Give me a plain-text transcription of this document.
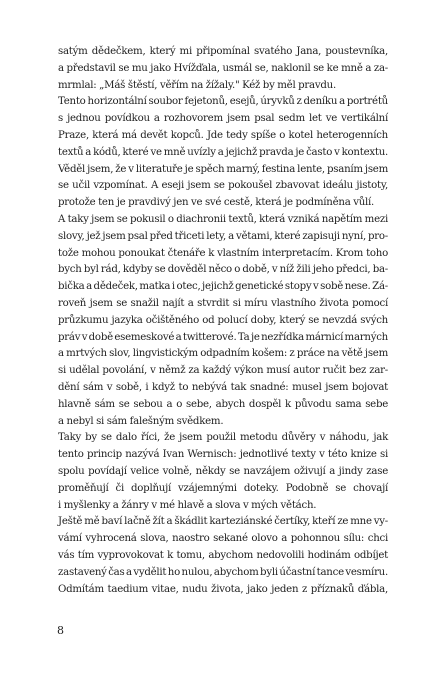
satým dědečkem, který mi připomínal svatého Jana, poustevníka,
a představil se mu jako Hvížďala, usmál se, naklonil se ke mně a za-
mrmlal: „Máš štěstí, věřím na žížaly." Kéž by měl pravdu.
Tento horizontální soubor fejetonů, esejů, úryvků z deníku a portrétů
s jednou povídkou a rozhovorem jsem psal sedm let ve vertikální
Praze, která má devět kopců. Jde tedy spíše o kotel heterogenních
textů a kódů, které ve mně uvízly a jejichž pravda je často v kontextu.
Věděl jsem, že v literatuře je spěch marný, festina lente, psaním jsem
se učil vzpomínat. A eseji jsem se pokoušel zbavovat ideálu jistoty,
protože ten je pravdivý jen ve své cestě, která je podmíněna vůlí.
A taky jsem se pokusil o diachronii textů, která vzniká napětím mezi
slovy, jež jsem psal před třiceti lety, a větami, které zapisuji nyní, pro-
tože mohou ponoukat čtenáře k vlastním interpretacím. Krom toho
bych byl rád, kdyby se dověděl něco o době, v níž žili jeho předci, ba-
bička a dědeček, matka i otec, jejichž genetické stopy v sobě nese. Zá-
roveň jsem se snažil najít a stvrdit si míru vlastního života pomocí
průzkumu jazyka očištěného od polucí doby, který se nevzdá svých
práv v době esemeskové a twitterové. Ta je nezřídka márnicí marných
a mrtvých slov, lingvistickým odpadním košem: z práce na větě jsem
si udělal povolání, v němž za každý výkon musí autor ručit bez zar-
dění sám v sobě, i když to nebývá tak snadné: musel jsem bojovat
hlavně sám se sebou a o sebe, abych dospěl k původu sama sebe
a nebyl si sám falešným svědkem.
Taky by se dalo říci, že jsem použil metodu důvěry v náhodu, jak
tento princip nazývá Ivan Wernisch: jednotlivé texty v této knize si
spolu povídají velice volně, někdy se navzájem oživují a jindy zase
proměňují či doplňují vzájemnými doteky. Podobně se chovají
i myšlenky a žánry v mé hlavě a slova v mých větách.
Ještě mě baví lačně žít a škádlit karteziánské čertíky, kteří ze mne vy-
vámí vyhrocená slova, naostro sekané olovo a pohonnou sílu: chci
vás tím vyprovokovat k tomu, abychom nedovolili hodinám odbíjet
zastavený čas a vydělit ho nulou, abychom byli účastní tance vesmíru.
Odmítám taedium vitae, nudu života, jako jeden z příznaků ďábla,
8
